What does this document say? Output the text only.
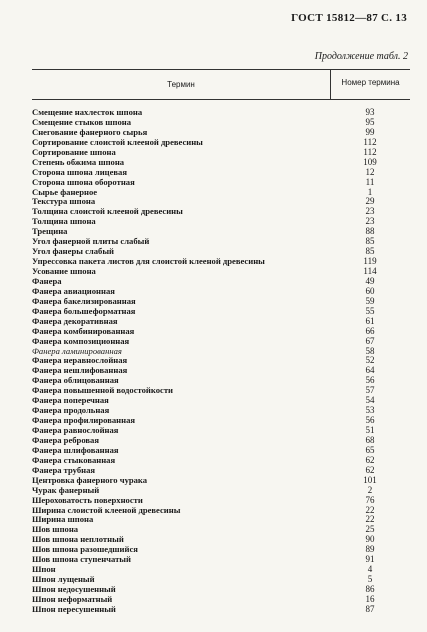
ГОСТ 15812—87 С. 13
Продолжение табл. 2
Термин	Номер термина
Смещение нахлесток шпона	93
Смещение стыков шпона	95
Снегование фанерного сырья	99
Сортирование слоистой клееной древесины	112
Сортирование шпона	112
Степень обжима шпона	109
Сторона шпона лицевая	12
Сторона шпона оборотная	11
Сырье фанерное	1
Текстура шпона	29
Толщина слоистой клееной древесины	23
Толщина шпона	23
Трещина	88
Угол фанерной плиты слабый	85
Угол фанеры слабый	85
Упрессовка пакета листов для слоистой клееной древесины	119
Усование шпона	114
Фанера	49
Фанера авиационная	60
Фанера бакелизированная	59
Фанера большеформатная	55
Фанера декоративная	61
Фанера комбинированная	66
Фанера композиционная	67
Фанера ламинированная	58
Фанера неравнослойная	52
Фанера нешлифованная	64
Фанера облицованная	56
Фанера повышенной водостойкости	57
Фанера поперечная	54
Фанера продольная	53
Фанера профилированная	56
Фанера равнослойная	51
Фанера ребровая	68
Фанера шлифованная	65
Фанера стыкованная	62
Фанера трубная	62
Центровка фанерного чурака	101
Чурак фанерный	2
Шероховатость поверхности	76
Ширина слоистой клееной древесины	22
Ширина шпона	22
Шов шпона	25
Шов шпона неплотный	90
Шов шпона разошедшийся	89
Шов шпона ступенчатый	91
Шпон	4
Шпон лущеный	5
Шпон недосушенный	86
Шпон неформатный	16
Шпон пересушенный	87
